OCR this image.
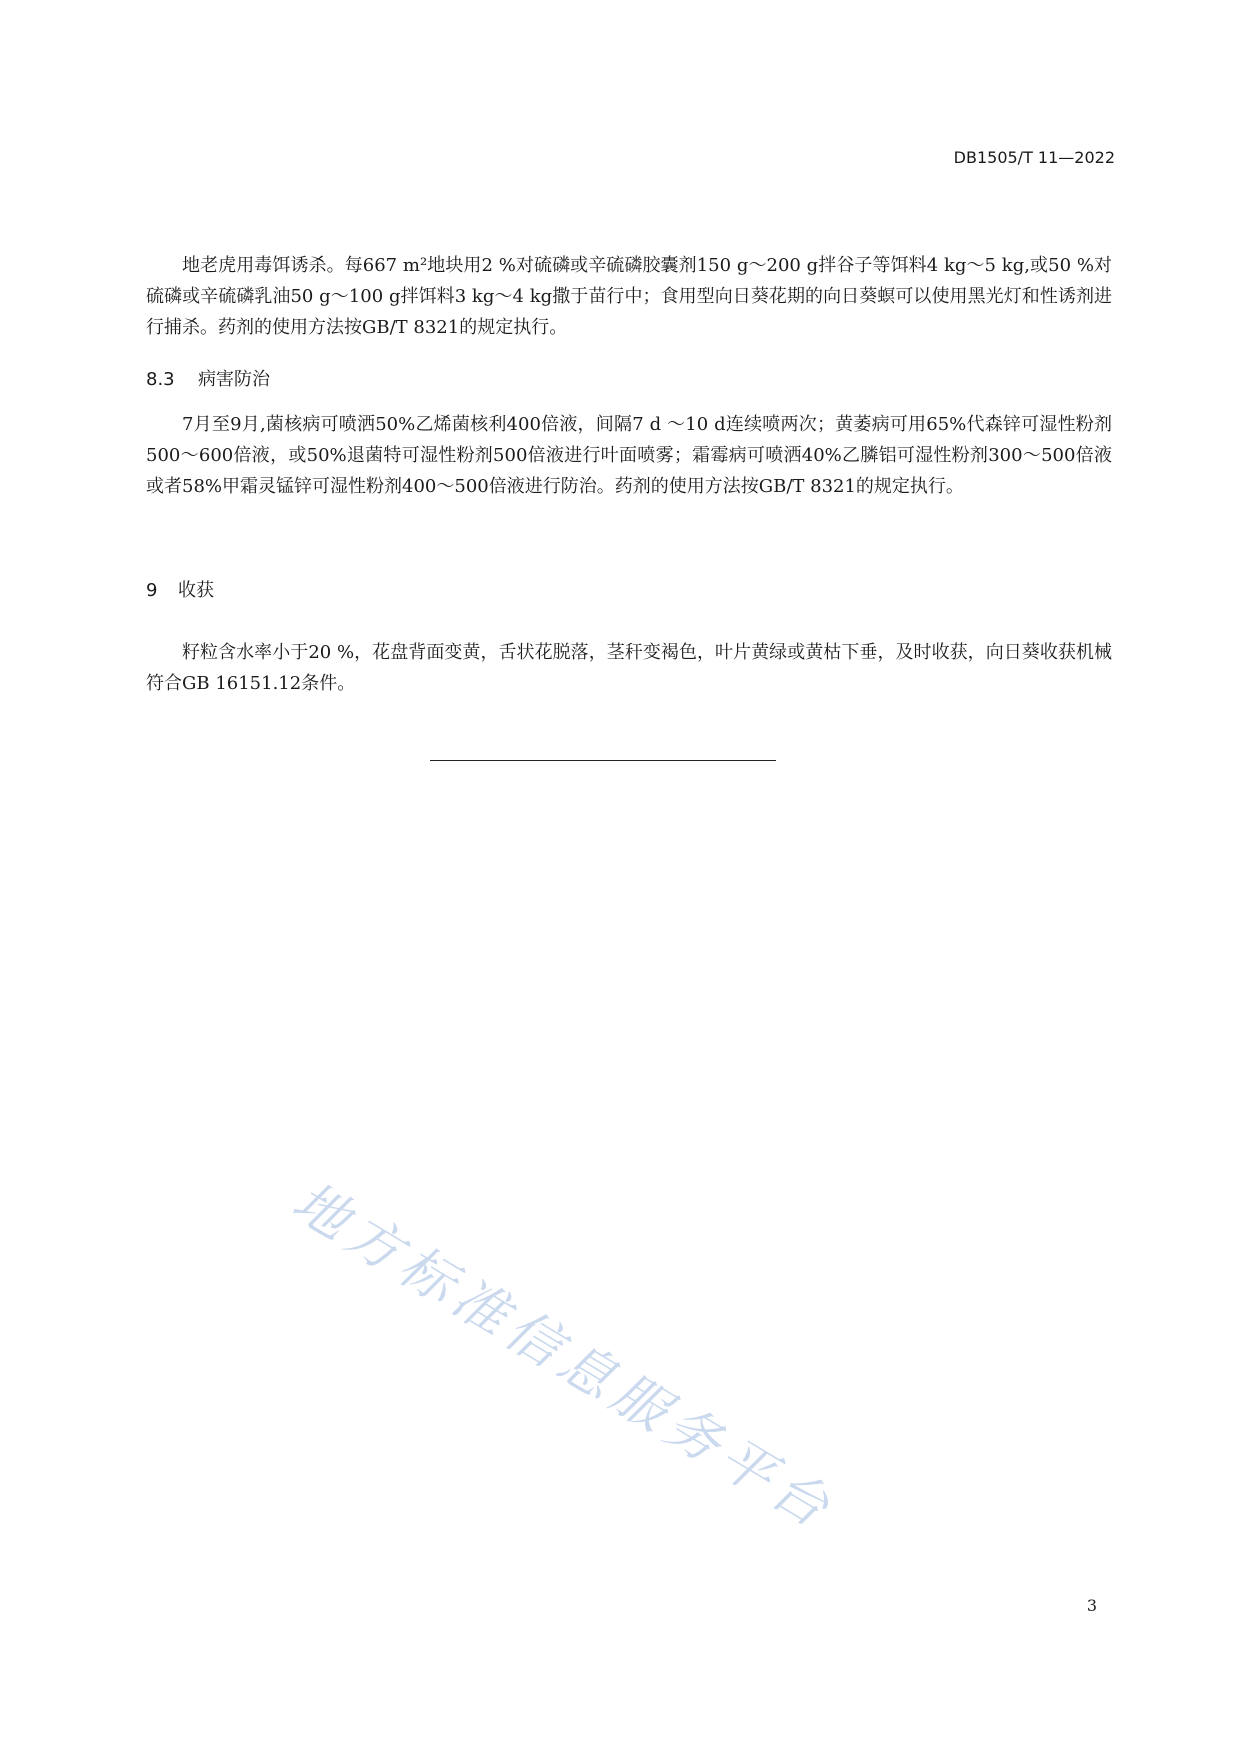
DB1505/T 11—2022

地老虎用毒饵诱杀。每667 m²地块用2 %对硫磷或辛硫磷胶囊剂150 g～200 g拌谷子等饵料4 kg～5 kg,或50 %对硫磷或辛硫磷乳油50 g～100 g拌饵料3 kg～4 kg撒于苗行中；食用型向日葵花期的向日葵螟可以使用黑光灯和性诱剂进行捕杀。药剂的使用方法按GB/T 8321的规定执行。

8.3 病害防治

7月至9月,菌核病可喷洒50%乙烯菌核利400倍液，间隔7 d ～10 d连续喷两次；黄萎病可用65%代森锌可湿性粉剂500～600倍液，或50%退菌特可湿性粉剂500倍液进行叶面喷雾；霜霉病可喷洒40%乙膦铝可湿性粉剂300～500倍液或者58%甲霜灵锰锌可湿性粉剂400～500倍液进行防治。药剂的使用方法按GB/T 8321的规定执行。

9 收获

籽粒含水率小于20 %，花盘背面变黄，舌状花脱落，茎秆变褐色，叶片黄绿或黄枯下垂，及时收获，向日葵收获机械符合GB 16151.12条件。

地方标准信息服务平台
3
